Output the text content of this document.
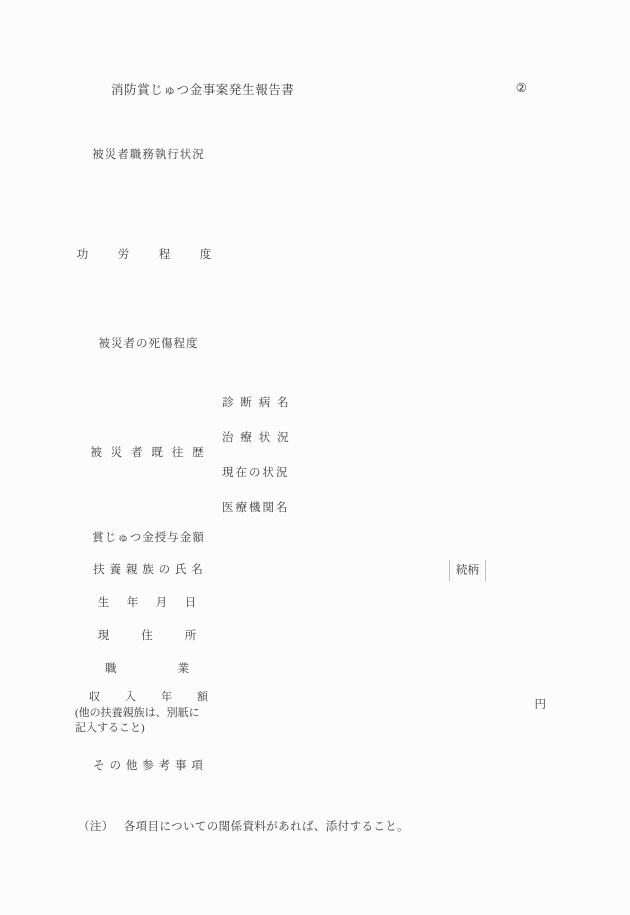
消防賞じゅつ金事案発生報告書	②
被災者職務執行状況	
功　労　程　度	
被災者の死傷程度	
被 災 者 既 往 歴	診 断 病 名
	治 療 状 況
	現在の状況
	医療機関名
賞じゅつ金授与金額	
扶 養 親 族 の 氏 名	続柄

生　年　月　日	
現　　住　　所	
職　　　　業	

収　入　年　額
(他の扶養親族は、別紙に
記入すること)	円

そ の 他 参 考 事 項	
（注） 各項目についての関係資料があれば、添付すること。
